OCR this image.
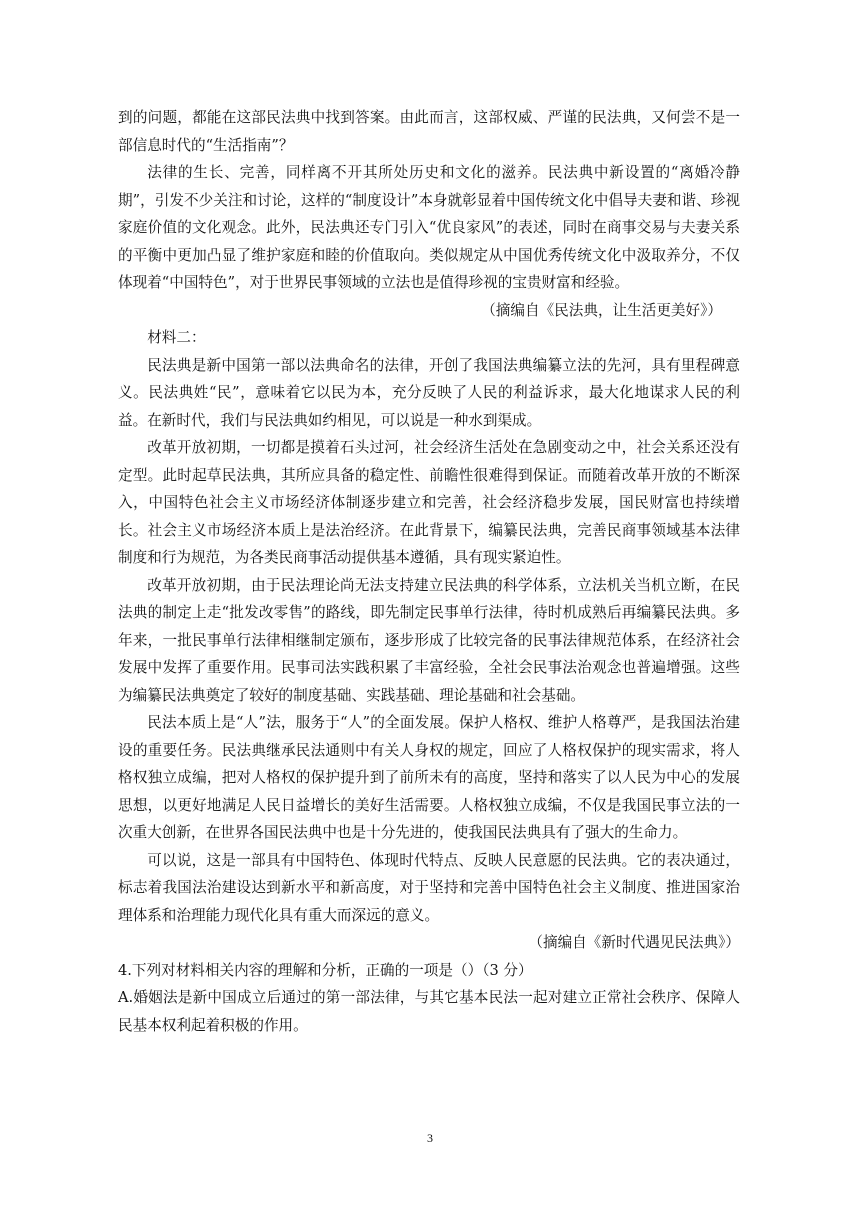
到的问题，都能在这部民法典中找到答案。由此而言，这部权威、严谨的民法典，又何尝不是一部信息时代的“生活指南”？

法律的生长、完善，同样离不开其所处历史和文化的滋养。民法典中新设置的“离婚冷静期”，引发不少关注和讨论，这样的“制度设计”本身就彰显着中国传统文化中倡导夫妻和谐、珍视家庭价值的文化观念。此外，民法典还专门引入“优良家风”的表述，同时在商事交易与夫妻关系的平衡中更加凸显了维护家庭和睦的价值取向。类似规定从中国优秀传统文化中汲取养分，不仅体现着“中国特色”，对于世界民事领域的立法也是值得珍视的宝贵财富和经验。

（摘编自《民法典，让生活更美好》）

材料二：

民法典是新中国第一部以法典命名的法律，开创了我国法典编纂立法的先河，具有里程碑意义。民法典姓“民”，意味着它以民为本，充分反映了人民的利益诉求，最大化地谋求人民的利益。在新时代，我们与民法典如约相见，可以说是一种水到渠成。

改革开放初期，一切都是摸着石头过河，社会经济生活处在急剧变动之中，社会关系还没有定型。此时起草民法典，其所应具备的稳定性、前瞻性很难得到保证。而随着改革开放的不断深入，中国特色社会主义市场经济体制逐步建立和完善，社会经济稳步发展，国民财富也持续增长。社会主义市场经济本质上是法治经济。在此背景下，编纂民法典，完善民商事领域基本法律制度和行为规范，为各类民商事活动提供基本遵循，具有现实紧迫性。

改革开放初期，由于民法理论尚无法支持建立民法典的科学体系，立法机关当机立断，在民法典的制定上走“批发改零售”的路线，即先制定民事单行法律，待时机成熟后再编纂民法典。多年来，一批民事单行法律相继制定颁布，逐步形成了比较完备的民事法律规范体系，在经济社会发展中发挥了重要作用。民事司法实践积累了丰富经验，全社会民事法治观念也普遍增强。这些为编纂民法典奠定了较好的制度基础、实践基础、理论基础和社会基础。

民法本质上是“人”法，服务于“人”的全面发展。保护人格权、维护人格尊严，是我国法治建设的重要任务。民法典继承民法通则中有关人身权的规定，回应了人格权保护的现实需求，将人格权独立成编，把对人格权的保护提升到了前所未有的高度，坚持和落实了以人民为中心的发展思想，以更好地满足人民日益增长的美好生活需要。人格权独立成编，不仅是我国民事立法的一次重大创新，在世界各国民法典中也是十分先进的，使我国民法典具有了强大的生命力。

可以说，这是一部具有中国特色、体现时代特点、反映人民意愿的民法典。它的表决通过，标志着我国法治建设达到新水平和新高度，对于坚持和完善中国特色社会主义制度、推进国家治理体系和治理能力现代化具有重大而深远的意义。

（摘编自《新时代遇见民法典》）

4.下列对材料相关内容的理解和分析，正确的一项是（）（3 分）

A.婚姻法是新中国成立后通过的第一部法律，与其它基本民法一起对建立正常社会秩序、保障人民基本权利起着积极的作用。

3
